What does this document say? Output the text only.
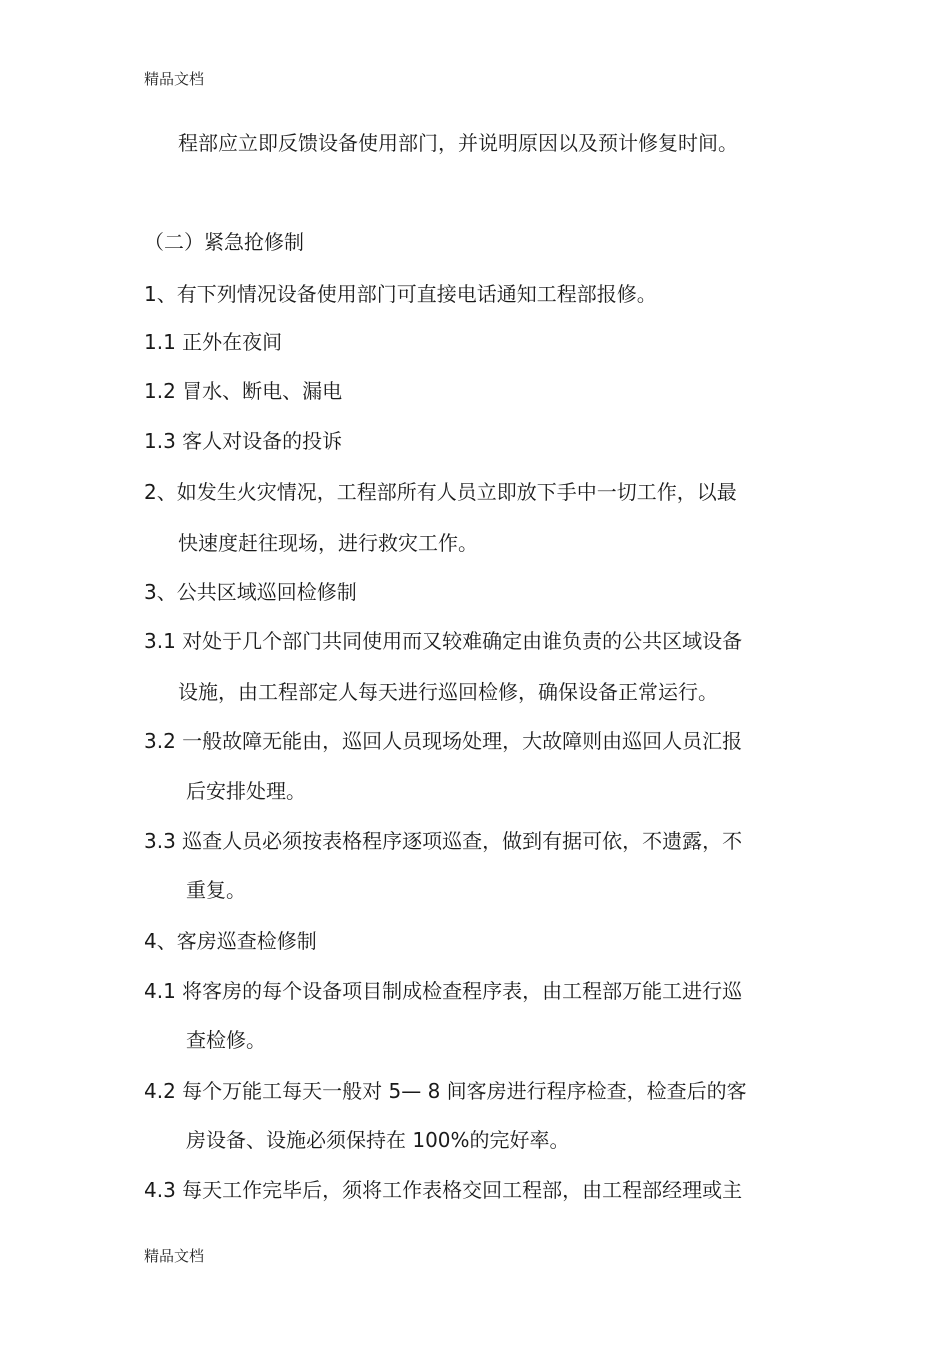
精品文档
程部应立即反馈设备使用部门，并说明原因以及预计修复时间。
（二）紧急抢修制
1、有下列情况设备使用部门可直接电话通知工程部报修。
1.1 正外在夜间
1.2 冒水、断电、漏电
1.3 客人对设备的投诉
2、如发生火灾情况，工程部所有人员立即放下手中一切工作，以最
快速度赶往现场，进行救灾工作。
3、公共区域巡回检修制
3.1 对处于几个部门共同使用而又较难确定由谁负责的公共区域设备
设施，由工程部定人每天进行巡回检修，确保设备正常运行。
3.2 一般故障无能由，巡回人员现场处理，大故障则由巡回人员汇报
后安排处理。
3.3 巡查人员必须按表格程序逐项巡查，做到有据可依，不遗露，不
重复。
4、客房巡查检修制
4.1 将客房的每个设备项目制成检查程序表，由工程部万能工进行巡
查检修。
4.2 每个万能工每天一般对 5— 8 间客房进行程序检查，检查后的客
房设备、设施必须保持在 100%的完好率。
4.3 每天工作完毕后，须将工作表格交回工程部，由工程部经理或主
精品文档
